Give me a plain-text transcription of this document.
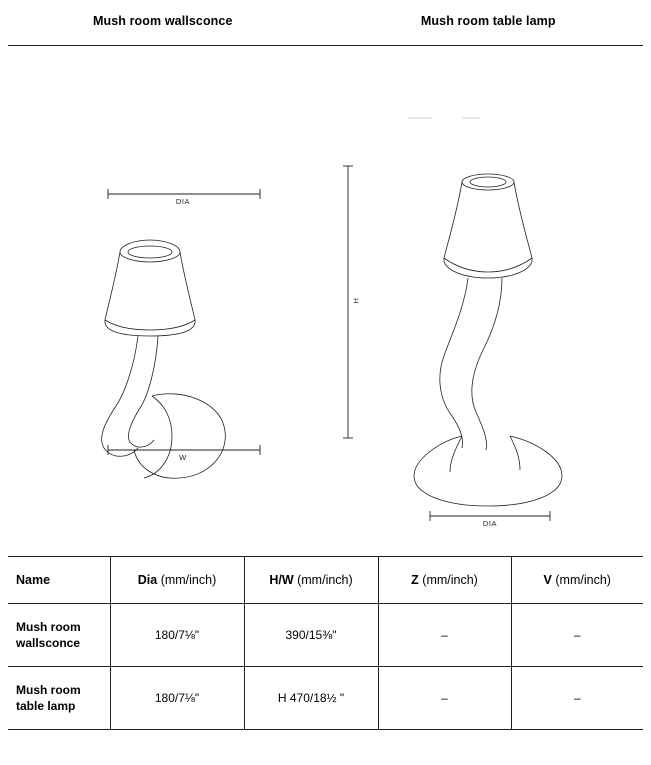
Mush room wallsconce	Mush room table lamp
DIA
W
H
DIA
Name	Dia (mm/inch)	H/W (mm/inch)	Z (mm/inch)	V (mm/inch)
Mush room wallsconce	180/7⅛"	390/15⅜"	–	–
Mush room table lamp	180/7⅛"	H 470/18½ "	–	–
